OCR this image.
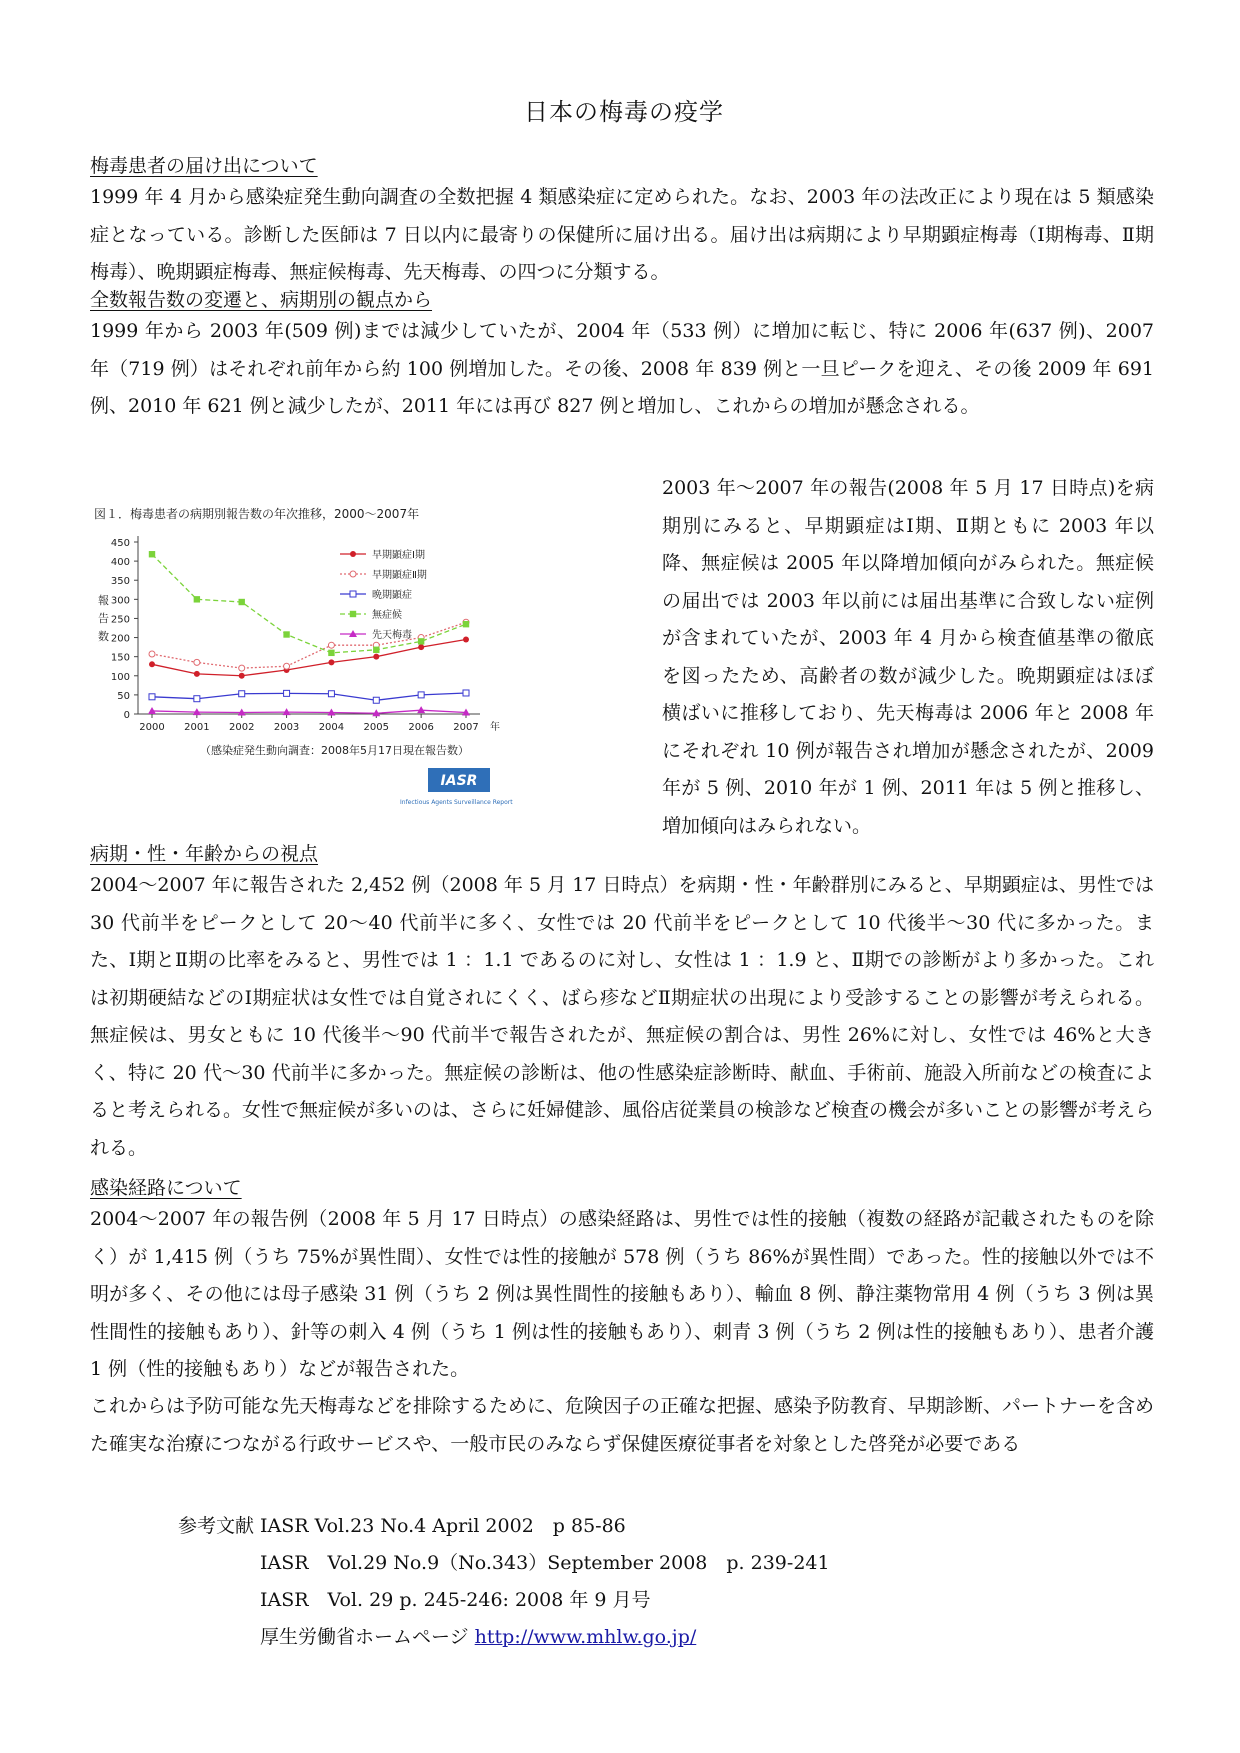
日本の梅毒の疫学
梅毒患者の届け出について

1999 年 4 月から感染症発生動向調査の全数把握 4 類感染症に定められた。なお、2003 年の法改正により現在は 5 類感染症となっている。診断した医師は 7 日以内に最寄りの保健所に届け出る。届け出は病期により早期顕症梅毒（Ⅰ期梅毒、Ⅱ期梅毒）、晩期顕症梅毒、無症候梅毒、先天梅毒、の四つに分類する。

全数報告数の変遷と、病期別の観点から

1999 年から 2003 年(509 例)までは減少していたが、2004 年（533 例）に増加に転じ、特に 2006 年(637 例)、2007 年（719 例）はそれぞれ前年から約 100 例増加した。その後、2008 年 839 例と一旦ピークを迎え、その後 2009 年 691 例、2010 年 621 例と減少したが、2011 年には再び 827 例と増加し、これからの増加が懸念される。

図１．梅毒患者の病期別報告数の年次推移，2000～2007年
0
50
100
150
200
250
300
350
400
450
報
告
数
2000 2001 2002 2003 2004 2005 2006 2007 年
早期顕症Ⅰ期
早期顕症Ⅱ期
晩期顕症
無症候
先天梅毒
（感染症発生動向調査：2008年5月17日現在報告数）
IASR
Infectious Agents Surveillance Report

2003 年～2007 年の報告(2008 年 5 月 17 日時点)を病期別にみると、早期顕症はⅠ期、Ⅱ期ともに 2003 年以降、無症候は 2005 年以降増加傾向がみられた。無症候の届出では 2003 年以前には届出基準に合致しない症例が含まれていたが、2003 年 4 月から検査値基準の徹底を図ったため、高齢者の数が減少した。晩期顕症はほぼ横ばいに推移しており、先天梅毒は 2006 年と 2008 年にそれぞれ 10 例が報告され増加が懸念されたが、2009 年が 5 例、2010 年が 1 例、2011 年は 5 例と推移し、増加傾向はみられない。

病期・性・年齢からの視点

2004～2007 年に報告された 2,452 例（2008 年 5 月 17 日時点）を病期・性・年齢群別にみると、早期顕症は、男性では 30 代前半をピークとして 20～40 代前半に多く、女性では 20 代前半をピークとして 10 代後半～30 代に多かった。また、Ⅰ期とⅡ期の比率をみると、男性では 1 ：1.1 であるのに対し、女性は 1 ：1.9 と、Ⅱ期での診断がより多かった。これは初期硬結などのⅠ期症状は女性では自覚されにくく、ばら疹などⅡ期症状の出現により受診することの影響が考えられる。無症候は、男女ともに 10 代後半～90 代前半で報告されたが、無症候の割合は、男性 26%に対し、女性では 46%と大きく、特に 20 代～30 代前半に多かった。無症候の診断は、他の性感染症診断時、献血、手術前、施設入所前などの検査によると考えられる。女性で無症候が多いのは、さらに妊婦健診、風俗店従業員の検診など検査の機会が多いことの影響が考えられる。

感染経路について

2004～2007 年の報告例（2008 年 5 月 17 日時点）の感染経路は、男性では性的接触（複数の経路が記載されたものを除く）が 1,415 例（うち 75%が異性間）、女性では性的接触が 578 例（うち 86%が異性間）であった。性的接触以外では不明が多く、その他には母子感染 31 例（うち 2 例は異性間性的接触もあり）、輸血 8 例、静注薬物常用 4 例（うち 3 例は異性間性的接触もあり）、針等の刺入 4 例（うち 1 例は性的接触もあり）、刺青 3 例（うち 2 例は性的接触もあり）、患者介護 1 例（性的接触もあり）などが報告された。

これからは予防可能な先天梅毒などを排除するために、危険因子の正確な把握、感染予防教育、早期診断、パートナーを含めた確実な治療につながる行政サービスや、一般市民のみならず保健医療従事者を対象とした啓発が必要である

参考文献 IASR Vol.23 No.4 April 2002　p 85-86
IASR　Vol.29 No.9（No.343）September 2008　p. 239-241
IASR　Vol. 29 p. 245-246: 2008 年 9 月号
厚生労働省ホームページ http://www.mhlw.go.jp/
